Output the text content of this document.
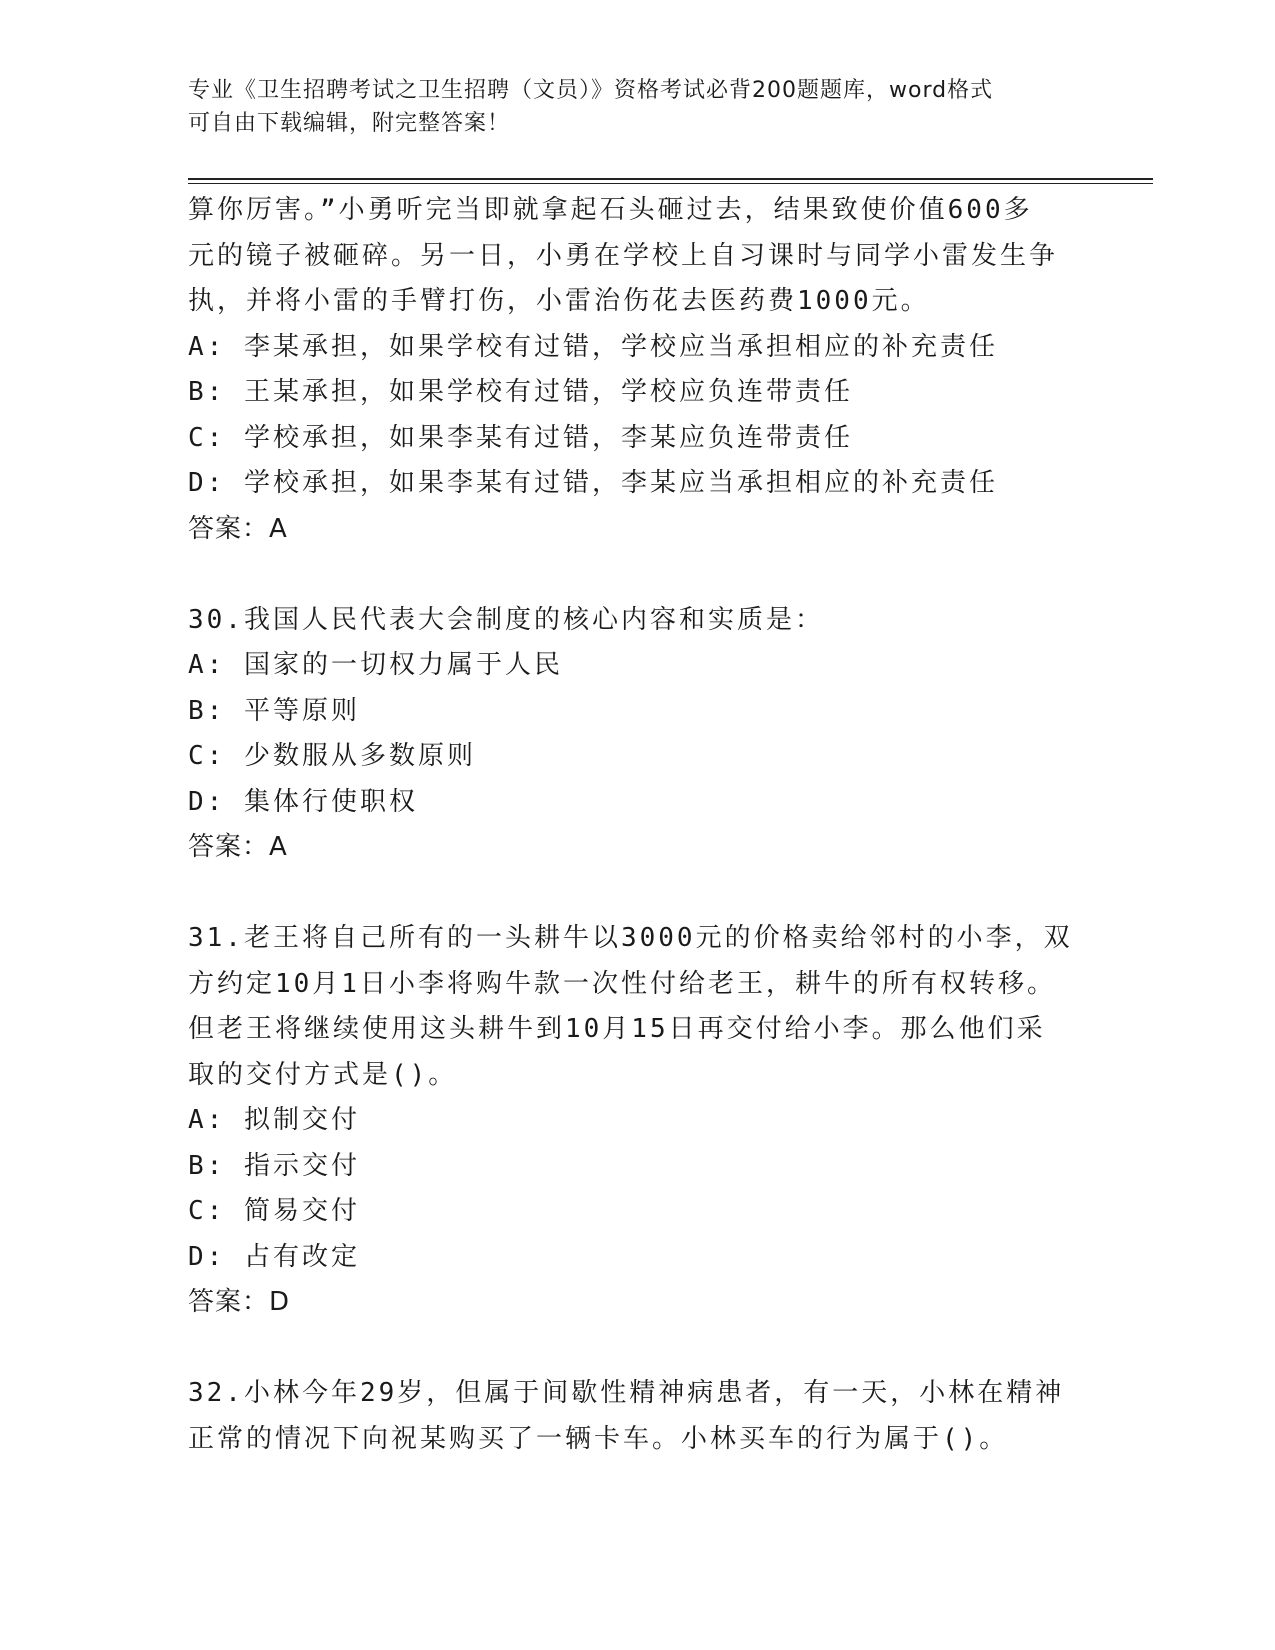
专业《卫生招聘考试之卫生招聘（文员）》资格考试必背200题题库，word格式
可自由下载编辑，附完整答案！
算你厉害。”小勇听完当即就拿起石头砸过去，结果致使价值600多
元的镜子被砸碎。另一日，小勇在学校上自习课时与同学小雷发生争
执，并将小雷的手臂打伤，小雷治伤花去医药费1000元。
A: 李某承担，如果学校有过错，学校应当承担相应的补充责任
B: 王某承担，如果学校有过错，学校应负连带责任
C: 学校承担，如果李某有过错，李某应负连带责任
D: 学校承担，如果李某有过错，李某应当承担相应的补充责任
答案：A
30.我国人民代表大会制度的核心内容和实质是：
A: 国家的一切权力属于人民
B: 平等原则
C: 少数服从多数原则
D: 集体行使职权
答案：A
31.老王将自己所有的一头耕牛以3000元的价格卖给邻村的小李，双
方约定10月1日小李将购牛款一次性付给老王，耕牛的所有权转移。
但老王将继续使用这头耕牛到10月15日再交付给小李。那么他们采
取的交付方式是()。
A: 拟制交付
B: 指示交付
C: 简易交付
D: 占有改定
答案：D
32.小林今年29岁，但属于间歇性精神病患者，有一天，小林在精神
正常的情况下向祝某购买了一辆卡车。小林买车的行为属于()。
